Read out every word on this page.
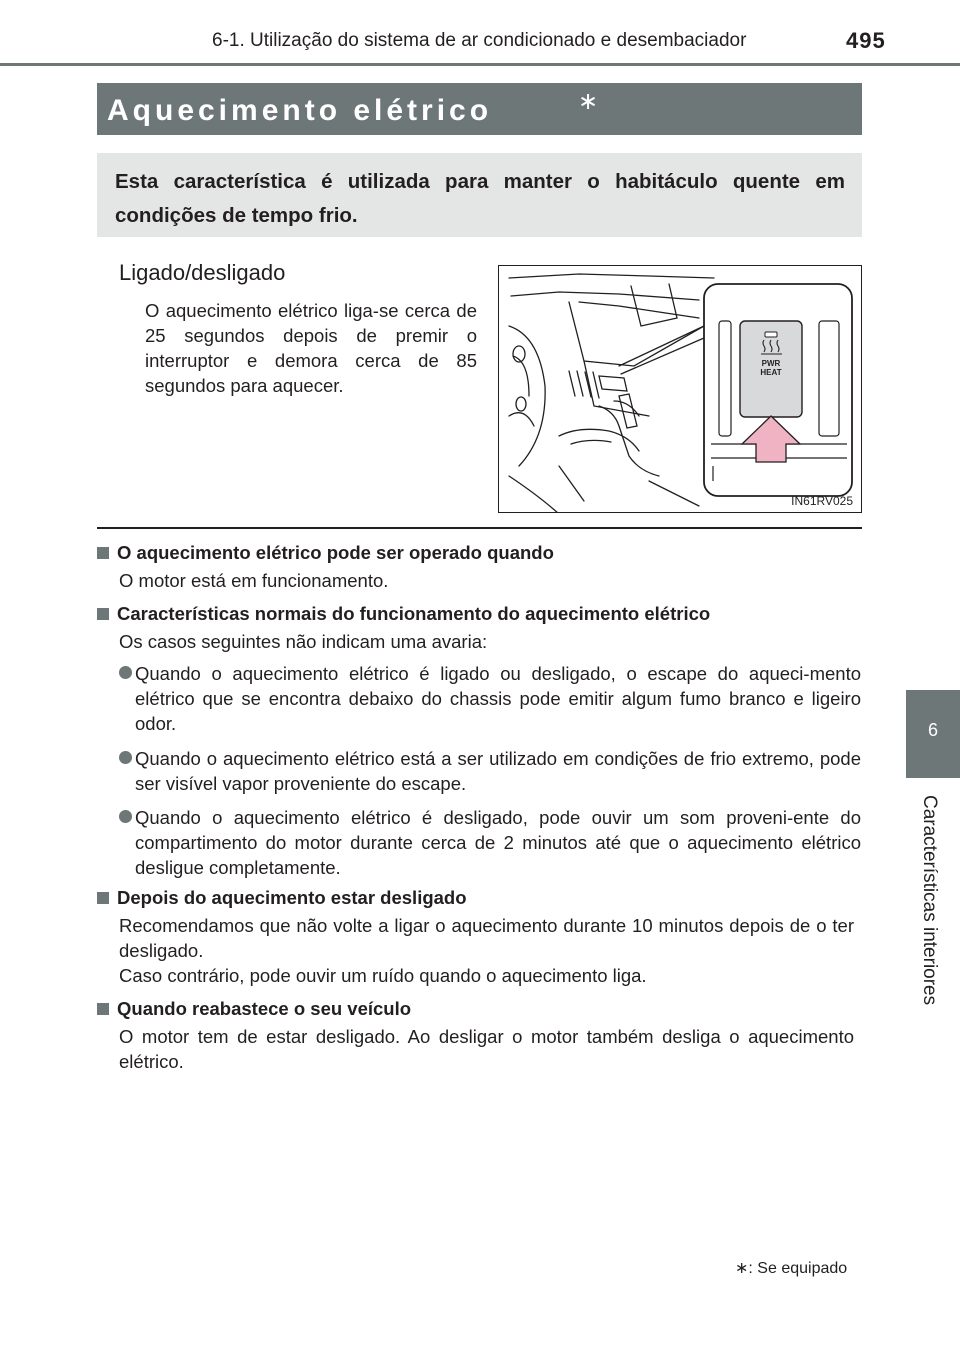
6-1. Utilização do sistema de ar condicionado e desembaciador	495
6
Características interiores
Aquecimento elétrico	∗
Esta característica é utilizada para manter o habitáculo quente em condições de tempo frio.
Ligado/desligado
O aquecimento elétrico liga-se cerca de 25 segundos depois de premir o interruptor e demora cerca de 85 segundos para aquecer.
PWR
HEAT
IN61RV025
O aquecimento elétrico pode ser operado quando
O motor está em funcionamento.
Características normais do funcionamento do aquecimento elétrico
Os casos seguintes não indicam uma avaria:
Quando o aquecimento elétrico é ligado ou desligado, o escape do aqueci-mento elétrico que se encontra debaixo do chassis pode emitir algum fumo branco e ligeiro odor.
Quando o aquecimento elétrico está a ser utilizado em condições de frio extremo, pode ser visível vapor proveniente do escape.
Quando o aquecimento elétrico é desligado, pode ouvir um som proveni-ente do compartimento do motor durante cerca de 2 minutos até que o aquecimento elétrico desligue completamente.
Depois do aquecimento estar desligado
Recomendamos que não volte a ligar o aquecimento durante 10 minutos depois de o ter desligado.
Caso contrário, pode ouvir um ruído quando o aquecimento liga.
Quando reabastece o seu veículo
O motor tem de estar desligado. Ao desligar o motor também desliga o aquecimento elétrico.
∗: Se equipado
